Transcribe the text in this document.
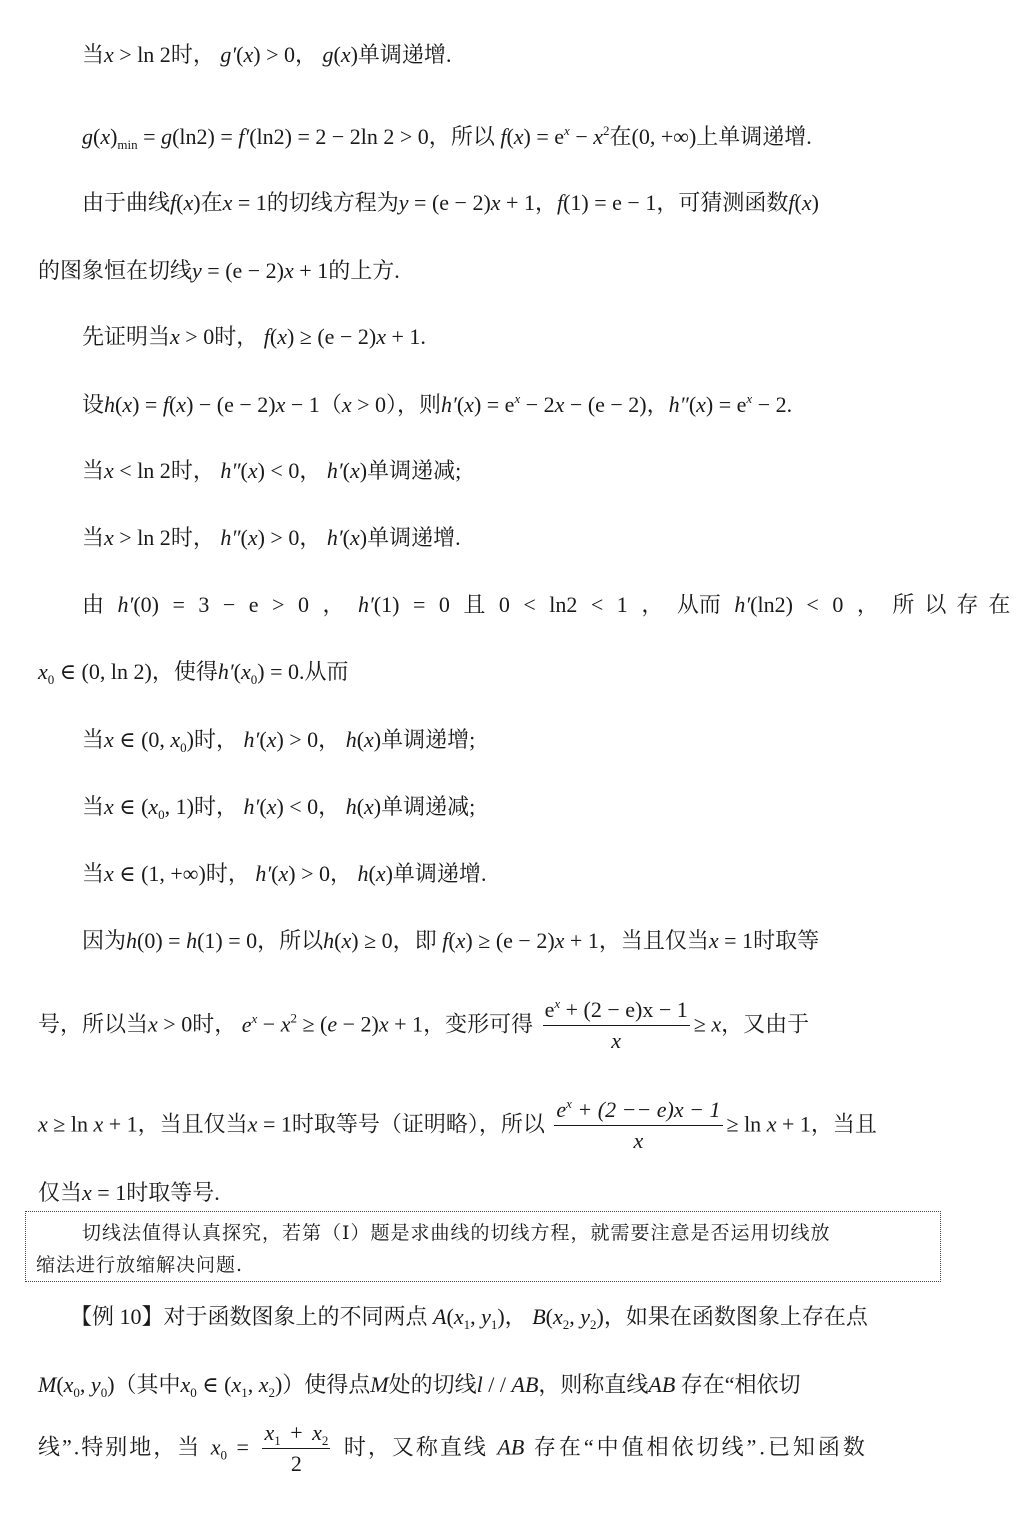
当x > ln 2时， g′(x) > 0， g(x)单调递增.
$g(x)_{min} = g(\ln 2) = f'(\ln 2) = 2 - 2\ln$ 2 > 0，所以 $f(x) = e^x - x^2$在(0, +∞)上单调递增.
由于曲线f(x)在x = 1的切线方程为y = (e − 2)x + 1，f(1) = e − 1，可猜测函数f(x)
的图象恒在切线y = (e − 2)x + 1的上方.
先证明当x > 0时， f(x) ≥ (e − 2)x + 1.
设h(x) = f(x) − (e − 2)x − 1（x > 0），则$h'(x) = e^x - 2x - (e - 2)$，$h''(x) = e^x - 2$.
当x < ln 2时， h″(x) < 0， h′(x)单调递减;
当x > ln 2时， h″(x) > 0， h′(x)单调递增.
由 h′(0) = 3 − e > 0 ， h′(1) = 0 且 0 < ln2 < 1 ， 从而 h′(ln2) < 0 ， 所以存在
$x_0$ ∈ (0, ln 2)，使得$h'(x_0) = 0$.从而
当x ∈ (0, $x_0$)时， h′(x) > 0， h(x)单调递增;
当x ∈ ($x_0$, 1)时， h′(x) < 0， h(x)单调递减;
当x ∈ (1, +∞)时， h′(x) > 0， h(x)单调递增.
因为h(0) = h(1) = 0，所以h(x) ≥ 0，即 f(x) ≥ (e − 2)x + 1，当且仅当x = 1时取等
号，所以当x > 0时， $e^x - x^2 \ge (e - 2)x + 1$，变形可得 $\frac{e^x + (2 - e)x - 1}{x} \ge x$，又由于
x ≥ ln x + 1，当且仅当x = 1时取等号（证明略），所以 $\frac{e^x + (2 -- e)x - 1}{x} \ge \ln x + 1$，当且
仅当x = 1时取等号.
切线法值得认真探究，若第（I）题是求曲线的切线方程，就需要注意是否运用切线放
缩法进行放缩解决问题.
【例 10】对于函数图象上的不同两点 $A(x_1$, $y_1$)， $B(x_2$, $y_2$)，如果在函数图象上存在点
$M(x_0$, $y_0$)（其中$x_0$ ∈ ($x_1$, $x_2$)）使得点M处的切线l / / AB，则称直线AB 存在“相依切
线”.特别地，当 $x_0 = \frac{x_1 + x_2}{2}$ 时，又称直线 AB 存在“中值相依切线”.已知函数
